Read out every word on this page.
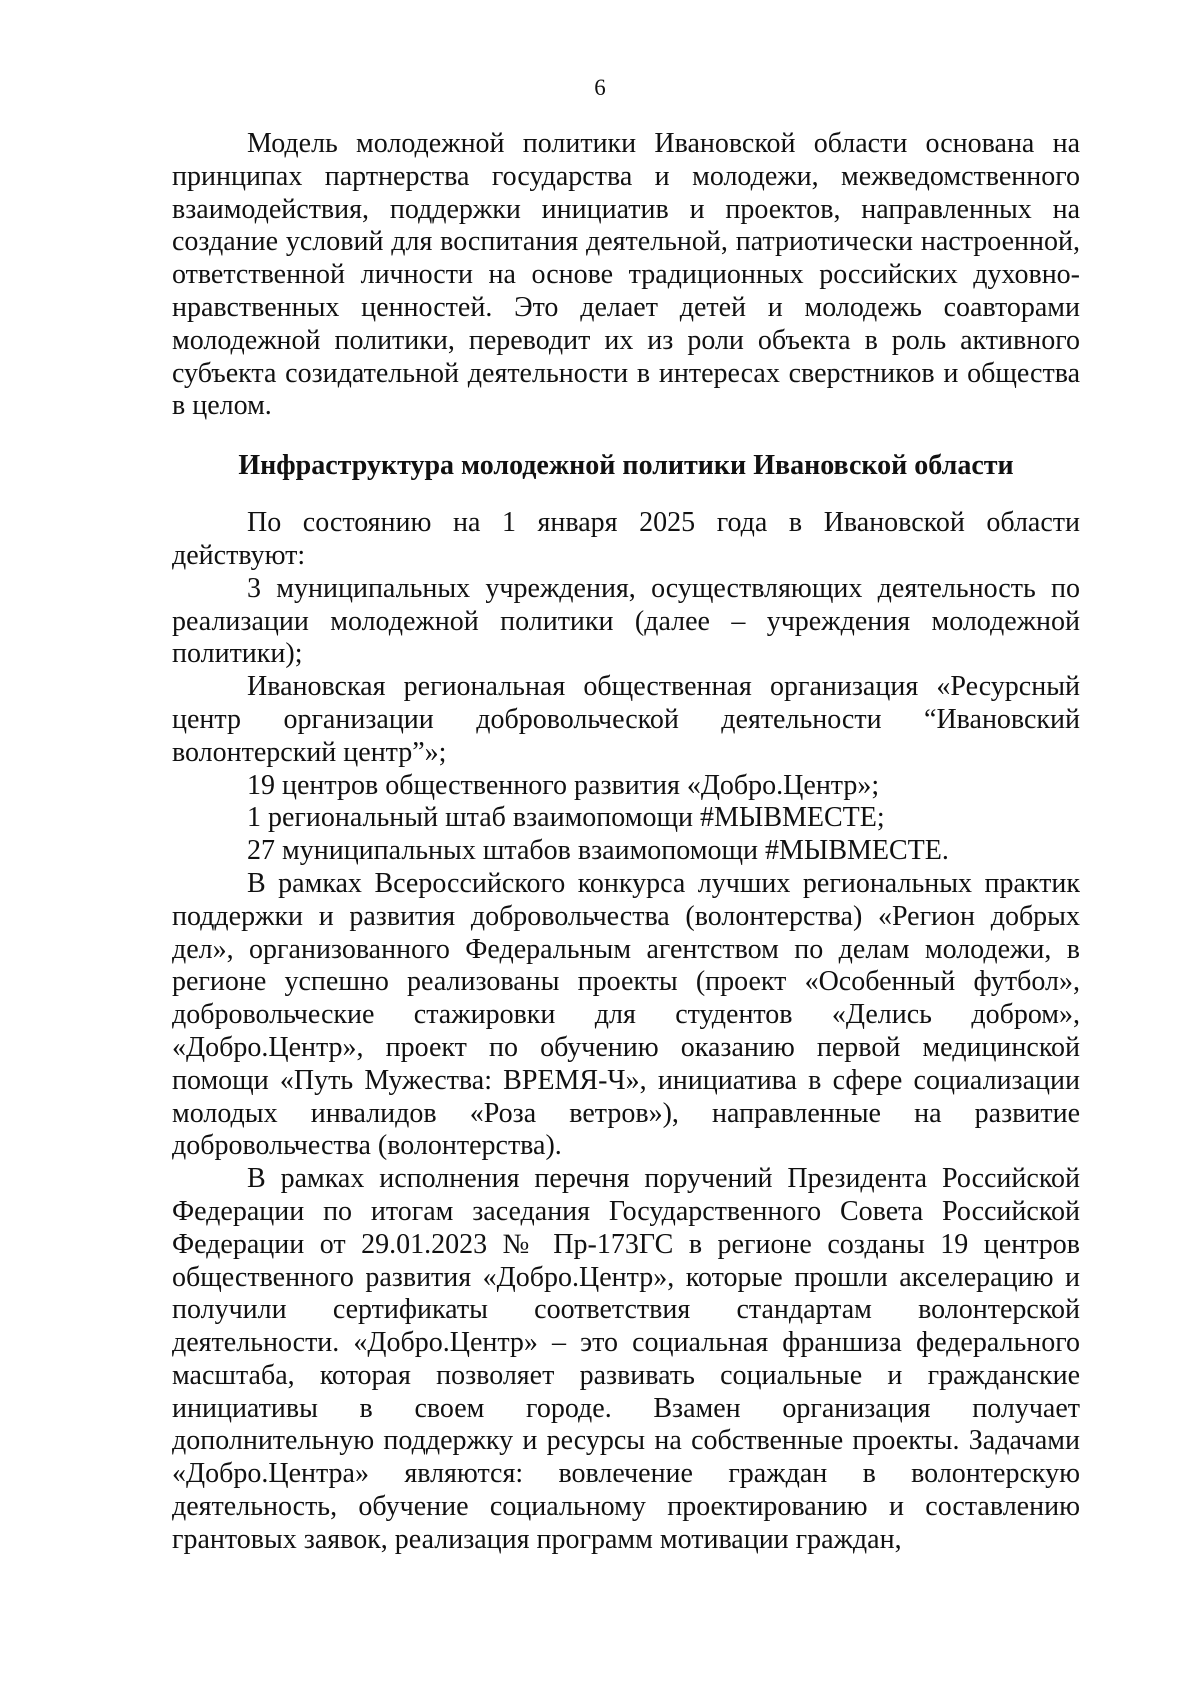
6

Модель молодежной политики Ивановской области основана на принципах партнерства государства и молодежи, межведомственного взаимодействия, поддержки инициатив и проектов, направленных на создание условий для воспитания деятельной, патриотически настроенной, ответственной личности на основе традиционных российских духовно-нравственных ценностей. Это делает детей и молодежь соавторами молодежной политики, переводит их из роли объекта в роль активного субъекта созидательной деятельности в интересах сверстников и общества в целом.

Инфраструктура молодежной политики Ивановской области

По состоянию на 1 января 2025 года в Ивановской области действуют:

3 муниципальных учреждения, осуществляющих деятельность по реализации молодежной политики (далее – учреждения молодежной политики);

Ивановская региональная общественная организация «Ресурсный центр организации добровольческой деятельности “Ивановский волонтерский центр”»;

19 центров общественного развития «Добро.Центр»;

1 региональный штаб взаимопомощи #МЫВМЕСТЕ;

27 муниципальных штабов взаимопомощи #МЫВМЕСТЕ.

В рамках Всероссийского конкурса лучших региональных практик поддержки и развития добровольчества (волонтерства) «Регион добрых дел», организованного Федеральным агентством по делам молодежи, в регионе успешно реализованы проекты (проект «Особенный футбол», добровольческие стажировки для студентов «Делись добром», «Добро.Центр», проект по обучению оказанию первой медицинской помощи «Путь Мужества: ВРЕМЯ-Ч», инициатива в сфере социализации молодых инвалидов «Роза ветров»), направленные на развитие добровольчества (волонтерства).

В рамках исполнения перечня поручений Президента Российской Федерации по итогам заседания Государственного Совета Российской Федерации от 29.01.2023 № Пр-173ГС в регионе созданы 19 центров общественного развития «Добро.Центр», которые прошли акселерацию и получили сертификаты соответствия стандартам волонтерской деятельности. «Добро.Центр» – это социальная франшиза федерального масштаба, которая позволяет развивать социальные и гражданские инициативы в своем городе. Взамен организация получает дополнительную поддержку и ресурсы на собственные проекты. Задачами «Добро.Центра» являются: вовлечение граждан в волонтерскую деятельность, обучение социальному проектированию и составлению грантовых заявок, реализация программ мотивации граждан,
